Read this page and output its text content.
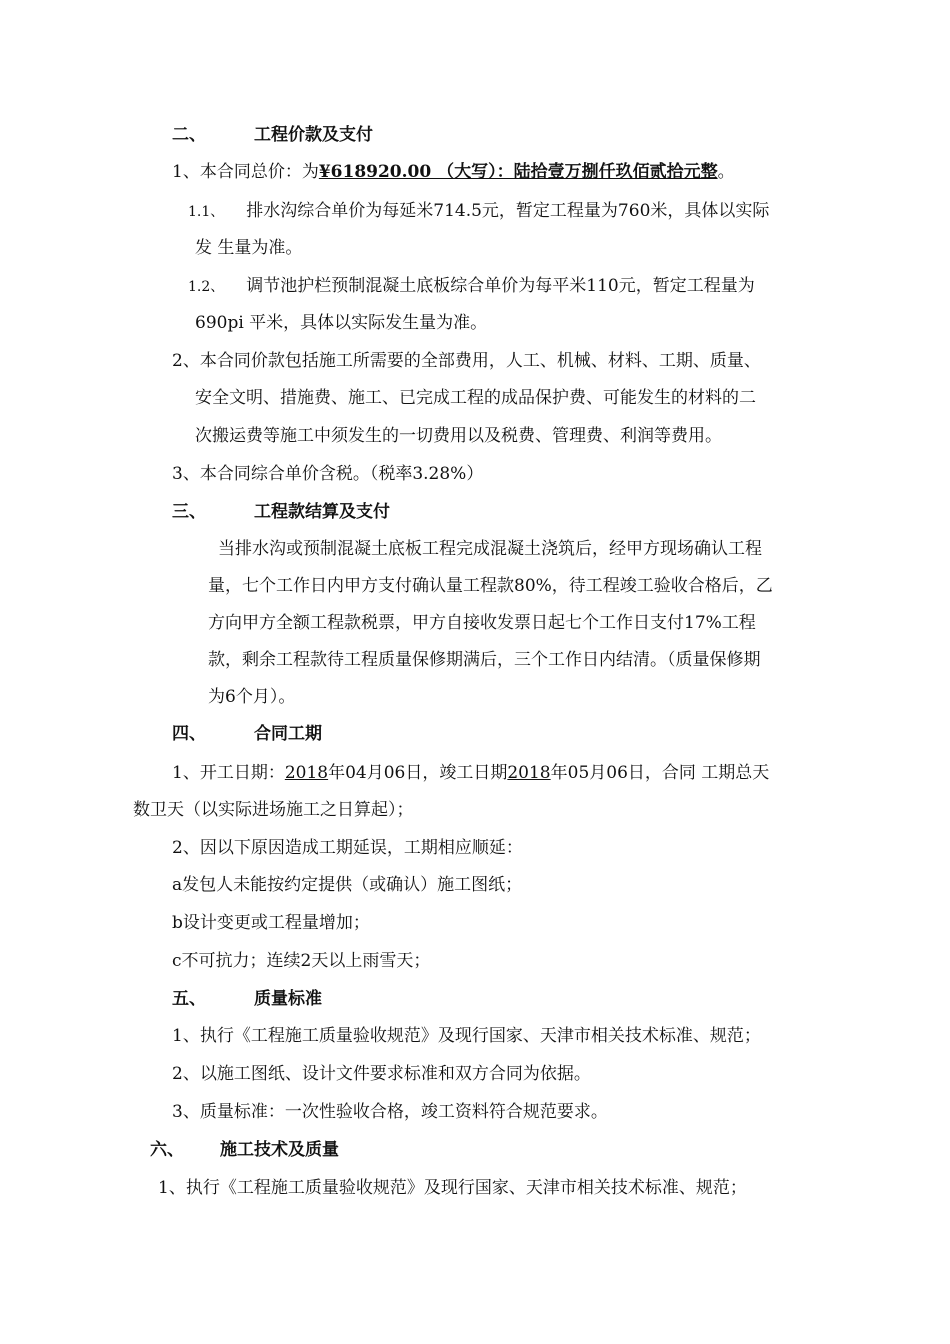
二、	工程价款及支付
1、本合同总价：为¥618920.00 （大写）：陆拾壹万捌仟玖佰贰拾元整。
1.1、 排水沟综合单价为每延米714.5元，暂定工程量为760米，具体以实际
发 生量为准。
1.2、 调节池护栏预制混凝土底板综合单价为每平米110元，暂定工程量为
690pi 平米，具体以实际发生量为准。
2、本合同价款包括施工所需要的全部费用，人工、机械、材料、工期、质量、
安全文明、措施费、施工、已完成工程的成品保护费、可能发生的材料的二
次搬运费等施工中须发生的一切费用以及税费、管理费、利润等费用。
3、本合同综合单价含税。（税率3.28%）
三、	工程款结算及支付
当排水沟或预制混凝土底板工程完成混凝土浇筑后，经甲方现场确认工程
量，七个工作日内甲方支付确认量工程款80%，待工程竣工验收合格后，乙
方向甲方全额工程款税票，甲方自接收发票日起七个工作日支付17%工程
款，剩余工程款待工程质量保修期满后，三个工作日内结清。（质量保修期
为6个月）。
四、	合同工期
1、开工日期：2018年04月06日，竣工日期2018年05月06日，合同 工期总天
数卫天（以实际进场施工之日算起）；
2、因以下原因造成工期延误，工期相应顺延：
a发包人未能按约定提供（或确认）施工图纸；
b设计变更或工程量增加；
c不可抗力；连续2天以上雨雪天；
五、	质量标准
1、执行《工程施工质量验收规范》及现行国家、天津市相关技术标准、规范；
2、以施工图纸、设计文件要求标准和双方合同为依据。
3、质量标准：一次性验收合格，竣工资料符合规范要求。
六、 施工技术及质量
1、执行《工程施工质量验收规范》及现行国家、天津市相关技术标准、规范；
